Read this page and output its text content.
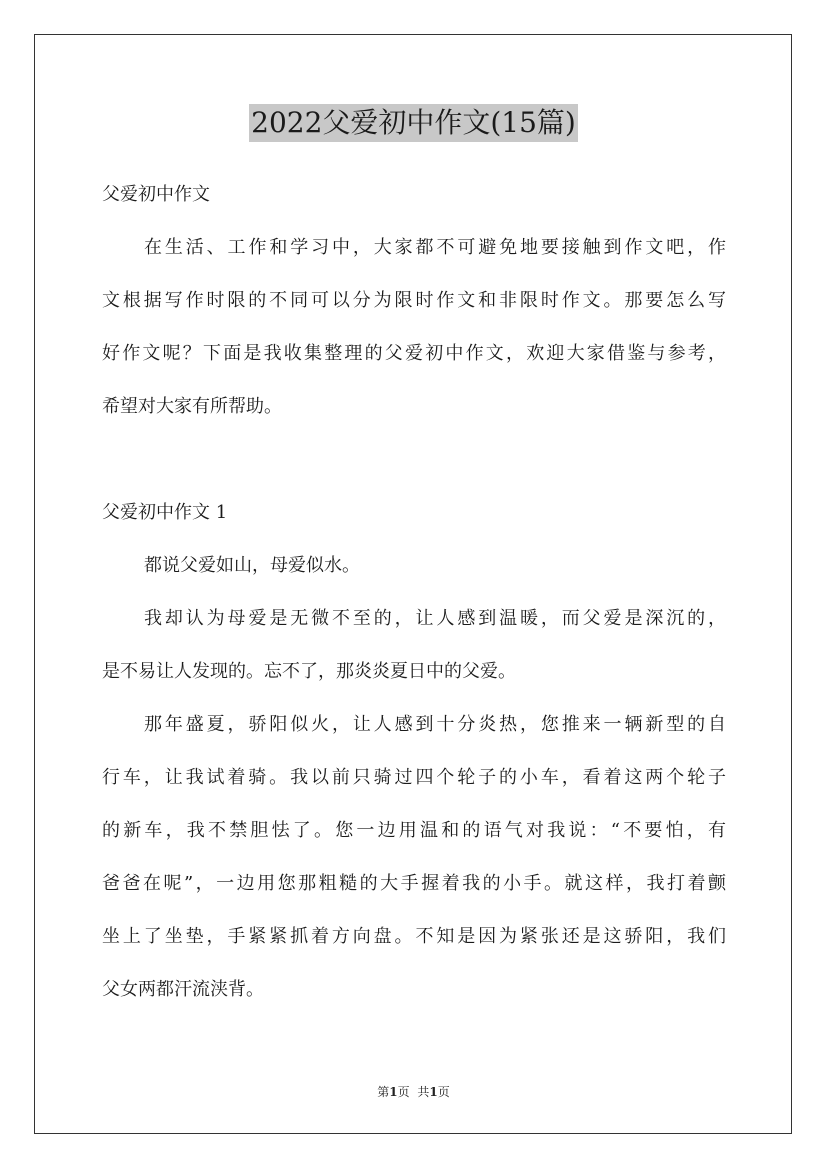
2022父爱初中作文(15篇)
父爱初中作文
在生活、工作和学习中，大家都不可避免地要接触到作文吧，作
文根据写作时限的不同可以分为限时作文和非限时作文。那要怎么写
好作文呢？下面是我收集整理的父爱初中作文，欢迎大家借鉴与参考，
希望对大家有所帮助。
父爱初中作文 1
都说父爱如山，母爱似水。
我却认为母爱是无微不至的，让人感到温暖，而父爱是深沉的，
是不易让人发现的。忘不了，那炎炎夏日中的父爱。
那年盛夏，骄阳似火，让人感到十分炎热，您推来一辆新型的自
行车，让我试着骑。我以前只骑过四个轮子的小车，看着这两个轮子
的新车，我不禁胆怯了。您一边用温和的语气对我说：“不要怕，有
爸爸在呢”，一边用您那粗糙的大手握着我的小手。就这样，我打着颤
坐上了坐垫，手紧紧抓着方向盘。不知是因为紧张还是这骄阳，我们
父女两都汗流浃背。
第1页 共1页
